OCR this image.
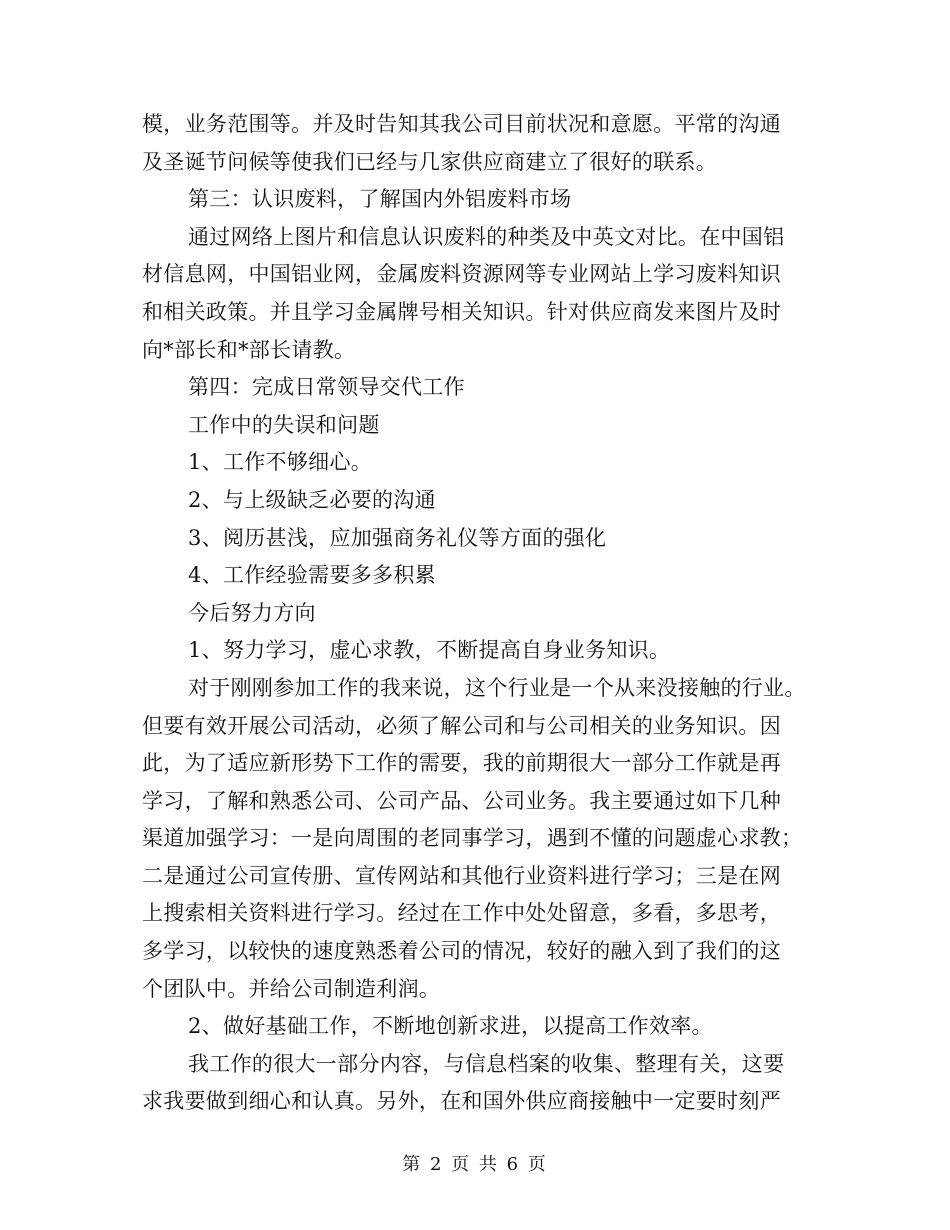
模，业务范围等。并及时告知其我公司目前状况和意愿。平常的沟通
及圣诞节问候等使我们已经与几家供应商建立了很好的联系。
第三：认识废料，了解国内外铝废料市场
通过网络上图片和信息认识废料的种类及中英文对比。在中国铝
材信息网，中国铝业网，金属废料资源网等专业网站上学习废料知识
和相关政策。并且学习金属牌号相关知识。针对供应商发来图片及时
向*部长和*部长请教。
第四：完成日常领导交代工作
工作中的失误和问题
1、工作不够细心。
2、与上级缺乏必要的沟通
3、阅历甚浅，应加强商务礼仪等方面的强化
4、工作经验需要多多积累
今后努力方向
1、努力学习，虚心求教，不断提高自身业务知识。
对于刚刚参加工作的我来说，这个行业是一个从来没接触的行业。
但要有效开展公司活动，必须了解公司和与公司相关的业务知识。因
此，为了适应新形势下工作的需要，我的前期很大一部分工作就是再
学习，了解和熟悉公司、公司产品、公司业务。我主要通过如下几种
渠道加强学习：一是向周围的老同事学习，遇到不懂的问题虚心求教；
二是通过公司宣传册、宣传网站和其他行业资料进行学习；三是在网
上搜索相关资料进行学习。经过在工作中处处留意，多看，多思考，
多学习，以较快的速度熟悉着公司的情况，较好的融入到了我们的这
个团队中。并给公司制造利润。
2、做好基础工作，不断地创新求进，以提高工作效率。
我工作的很大一部分内容，与信息档案的收集、整理有关，这要
求我要做到细心和认真。另外，在和国外供应商接触中一定要时刻严
第 2 页 共 6 页
